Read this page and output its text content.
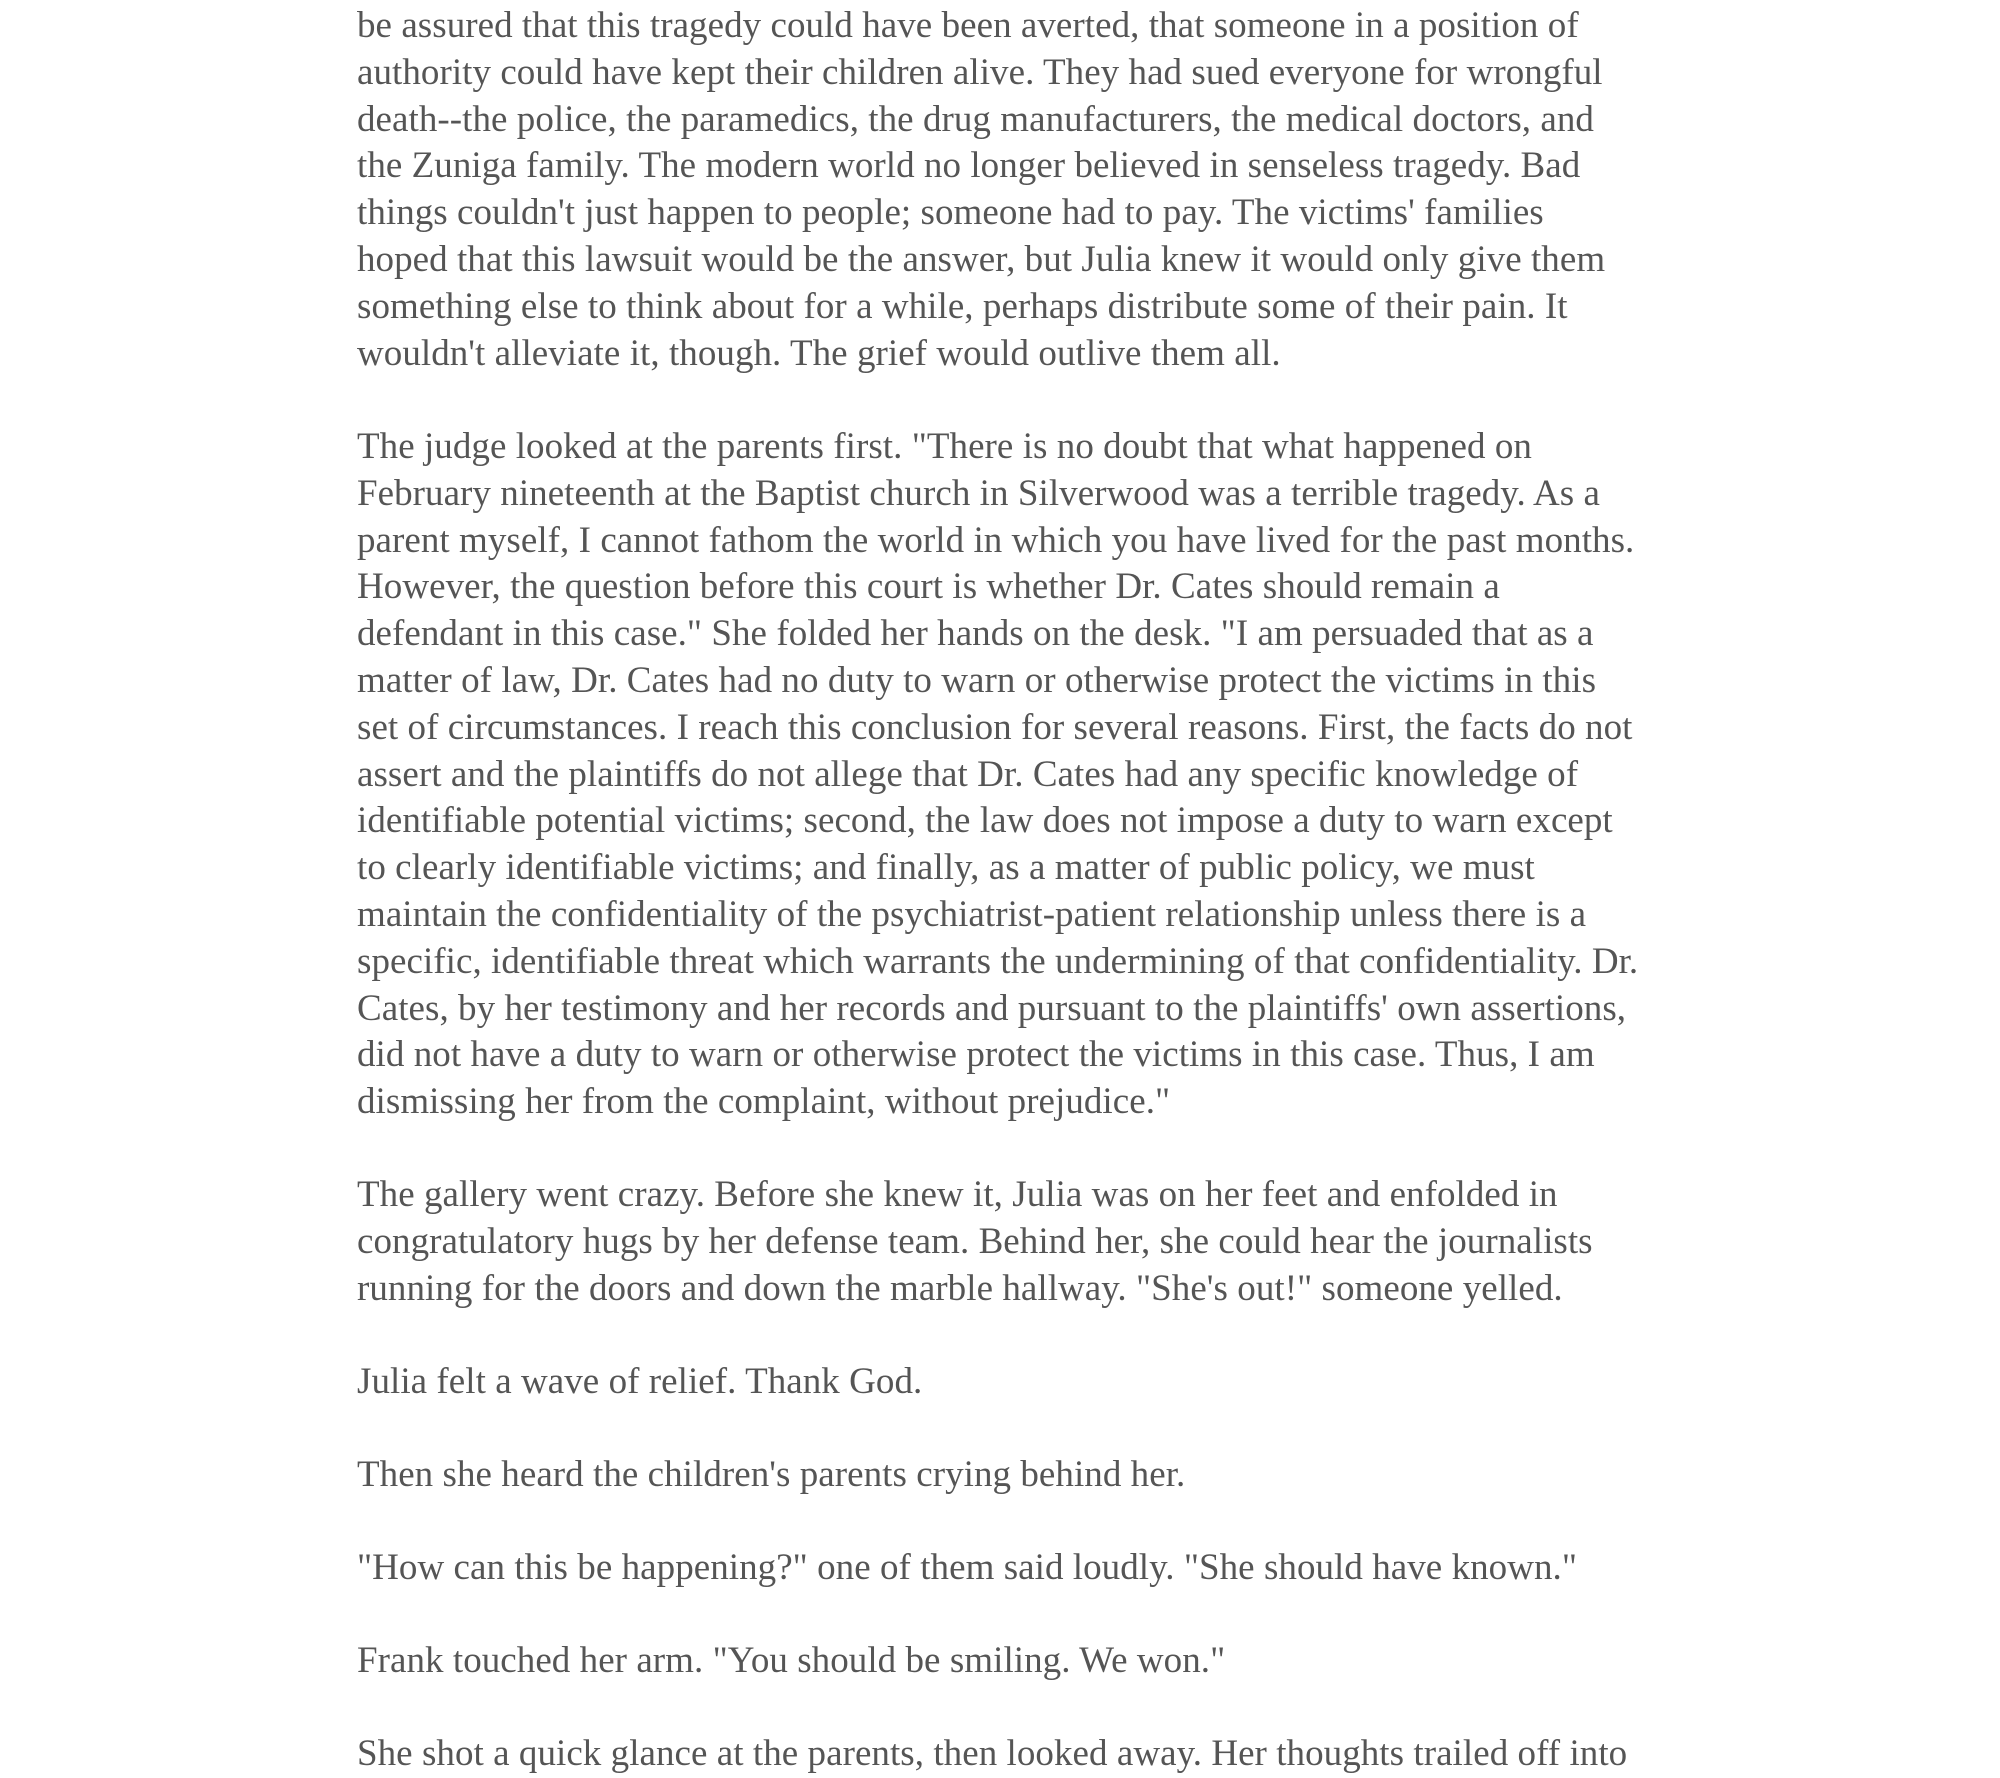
be assured that this tragedy could have been averted, that someone in a position of
authority could have kept their children alive. They had sued everyone for wrongful
death--the police, the paramedics, the drug manufacturers, the medical doctors, and
the Zuniga family. The modern world no longer believed in senseless tragedy. Bad
things couldn't just happen to people; someone had to pay. The victims' families
hoped that this lawsuit would be the answer, but Julia knew it would only give them
something else to think about for a while, perhaps distribute some of their pain. It
wouldn't alleviate it, though. The grief would outlive them all.

The judge looked at the parents first. "There is no doubt that what happened on
February nineteenth at the Baptist church in Silverwood was a terrible tragedy. As a
parent myself, I cannot fathom the world in which you have lived for the past months.
However, the question before this court is whether Dr. Cates should remain a
defendant in this case." She folded her hands on the desk. "I am persuaded that as a
matter of law, Dr. Cates had no duty to warn or otherwise protect the victims in this
set of circumstances. I reach this conclusion for several reasons. First, the facts do not
assert and the plaintiffs do not allege that Dr. Cates had any specific knowledge of
identifiable potential victims; second, the law does not impose a duty to warn except
to clearly identifiable victims; and finally, as a matter of public policy, we must
maintain the confidentiality of the psychiatrist-patient relationship unless there is a
specific, identifiable threat which warrants the undermining of that confidentiality. Dr.
Cates, by her testimony and her records and pursuant to the plaintiffs' own assertions,
did not have a duty to warn or otherwise protect the victims in this case. Thus, I am
dismissing her from the complaint, without prejudice."

The gallery went crazy. Before she knew it, Julia was on her feet and enfolded in
congratulatory hugs by her defense team. Behind her, she could hear the journalists
running for the doors and down the marble hallway. "She's out!" someone yelled.

Julia felt a wave of relief. Thank God.

Then she heard the children's parents crying behind her.

"How can this be happening?" one of them said loudly. "She should have known."

Frank touched her arm. "You should be smiling. We won."

She shot a quick glance at the parents, then looked away. Her thoughts trailed off into
